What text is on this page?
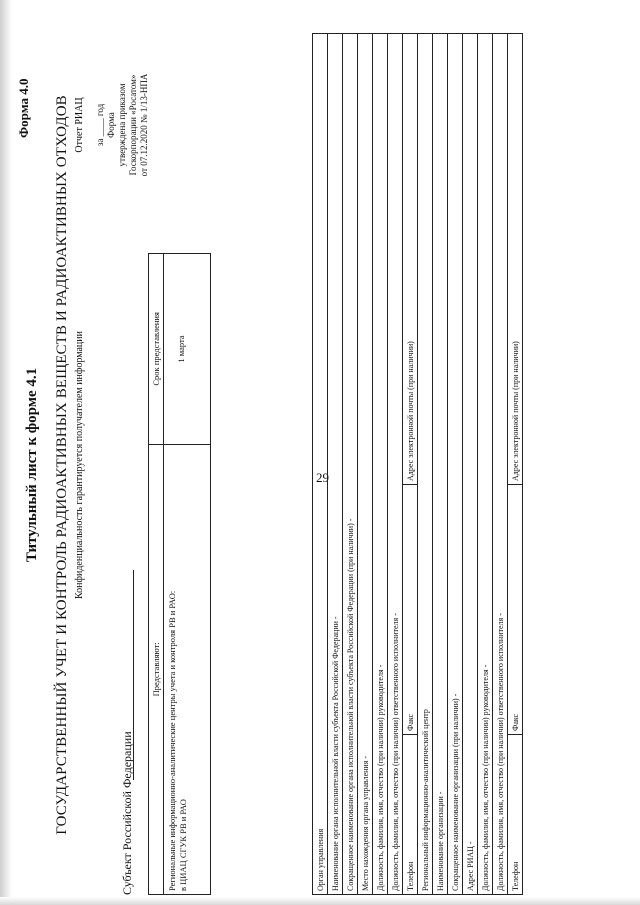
29
Форма 4.0
Титульный лист к форме 4.1 ГОСУДАРСТВЕННЫЙ УЧЕТ И КОНТРОЛЬ РАДИОАКТИВНЫХ ВЕЩЕСТВ И РАДИОАКТИВНЫХ ОТХОДОВ Конфиденциальность гарантируется получателем информации
Отчет РИАЦ за ____ год Форма утверждена приказом Госкорпорации «Росатом» от 07.12.2020 № 1/13-НПА
Субъект Российской Федерации
Представляют:
Срок представления
Региональные информационно-аналитические центры учета и контроля РВ и РАО: в ЦИАЦ СГУК РВ и РАО
1 марта
Орган управления Наименование органа исполнительной власти субъекта Российской Федерации - Сокращенное наименование органа исполнительной власти субъекта Российской Федерации (при наличии) - Место нахождения органа управления - Должность, фамилия, имя, отчество (при наличии) руководителя - Должность, фамилия, имя, отчество (при наличии) ответственного исполнителя - Телефон
Факс
Адрес электронной почты (при наличии)
Региональный информационно-аналитический центр Наименование организации - Сокращенное наименование организации (при наличии) - Адрес РИАЦ - Должность, фамилия, имя, отчество (при наличии) руководителя - Должность, фамилия, имя, отчество (при наличии) ответственного исполнителя - Телефон
Факс
Адрес электронной почты (при наличии)
